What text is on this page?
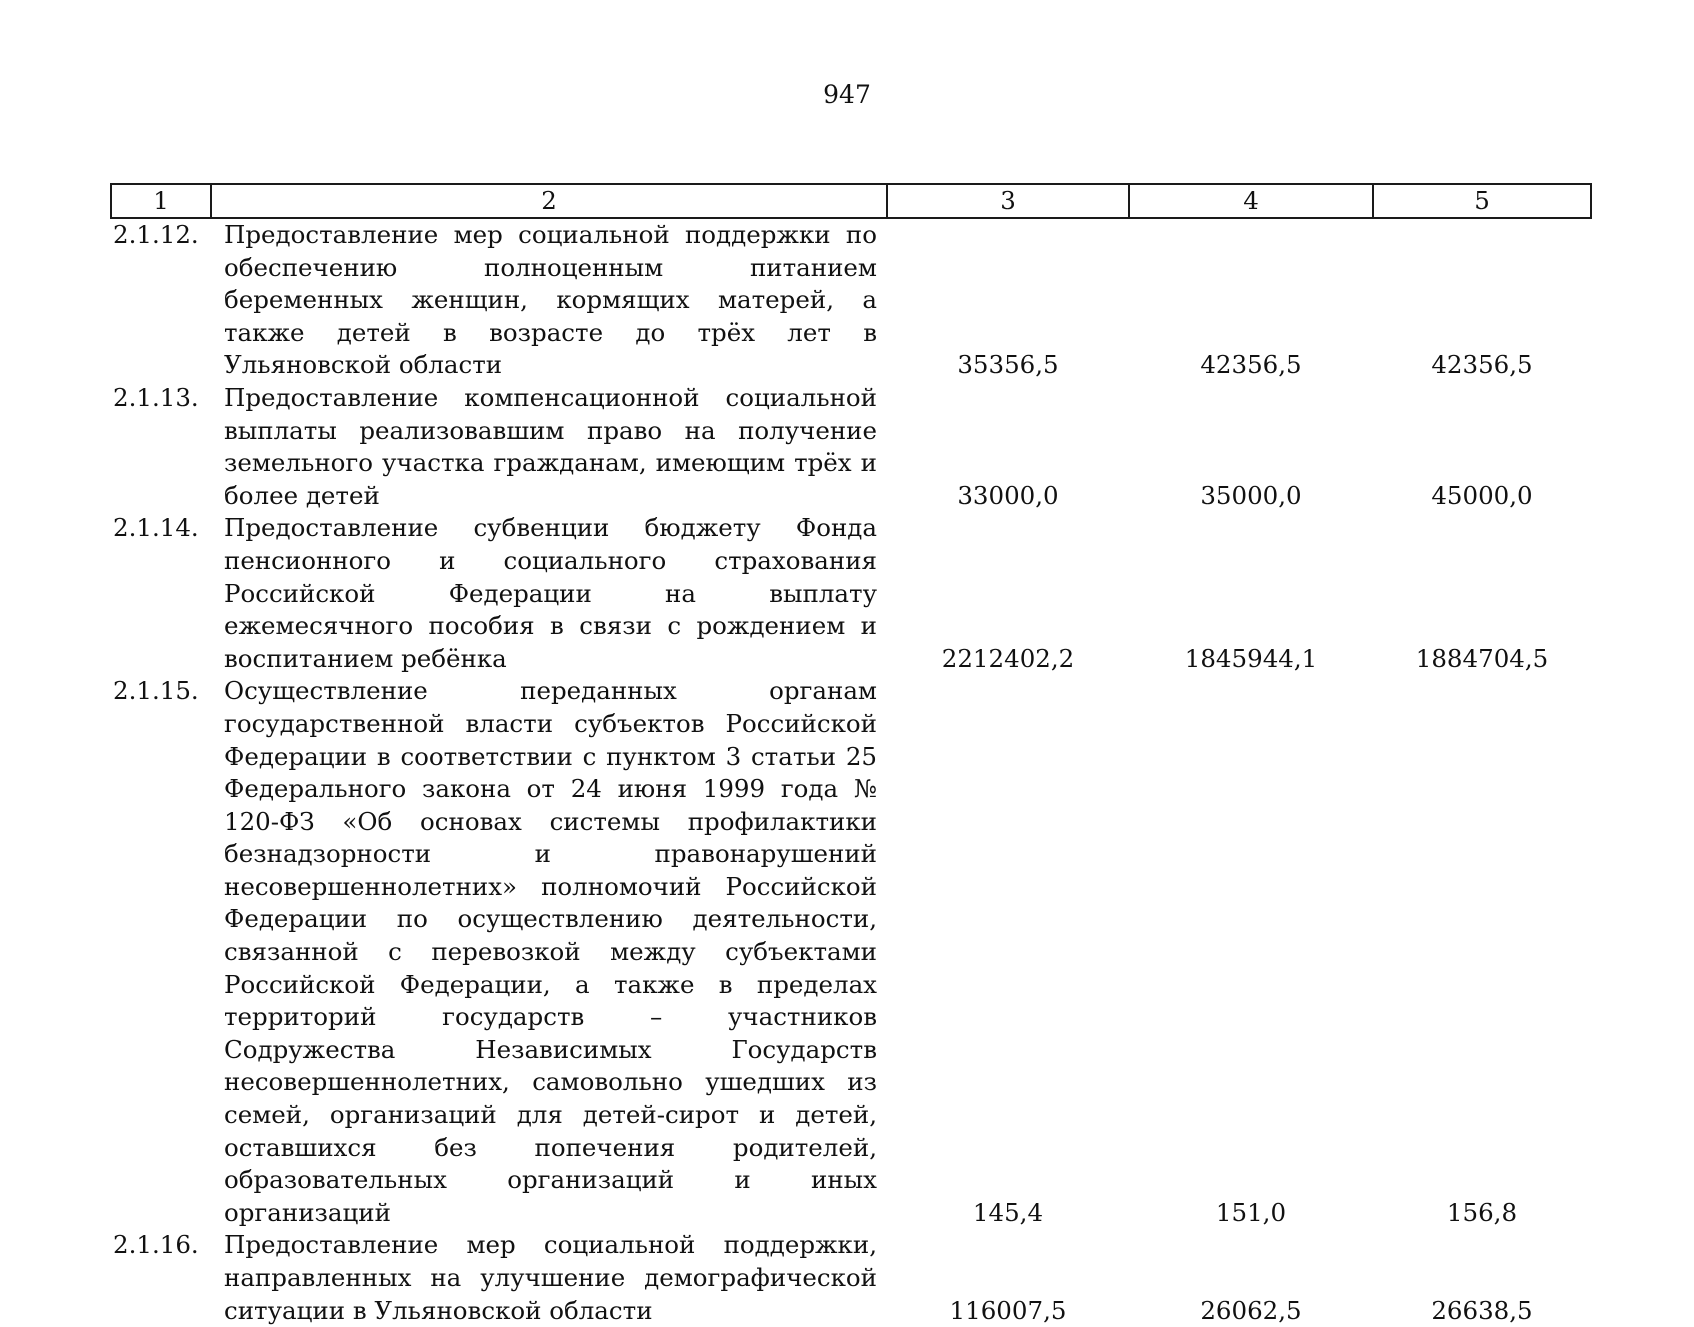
947
1	2	3	4	5
2.1.12.	Предоставление мер социальной поддержки по обеспечению полноценным питанием беременных женщин, кормящих матерей, а также детей в возрасте до трёх лет в Ульяновской области	35356,5	42356,5	42356,5
2.1.13.	Предоставление компенсационной социальной выплаты реализовавшим право на получение земельного участка гражданам, имеющим трёх и более детей	33000,0	35000,0	45000,0
2.1.14.	Предоставление субвенции бюджету Фонда пенсионного и социального страхования Российской Федерации на выплату ежемесячного пособия в связи с рождением и воспитанием ребёнка	2212402,2	1845944,1	1884704,5
2.1.15.	Осуществление переданных органам государственной власти субъектов Российской Федерации в соответствии с пунктом 3 статьи 25 Федерального закона от 24 июня 1999 года № 120-ФЗ «Об основах системы профилактики безнадзорности и правонарушений несовершеннолетних» полномочий Российской Федерации по осуществлению деятельности, связанной с перевозкой между субъектами Российской Федерации, а также в пределах территорий государств – участников Содружества Независимых Государств несовершеннолетних, самовольно ушедших из семей, организаций для детей-сирот и детей, оставшихся без попечения родителей, образовательных организаций и иных организаций	145,4	151,0	156,8
2.1.16.	Предоставление мер социальной поддержки, направленных на улучшение демографической ситуации в Ульяновской области	116007,5	26062,5	26638,5
